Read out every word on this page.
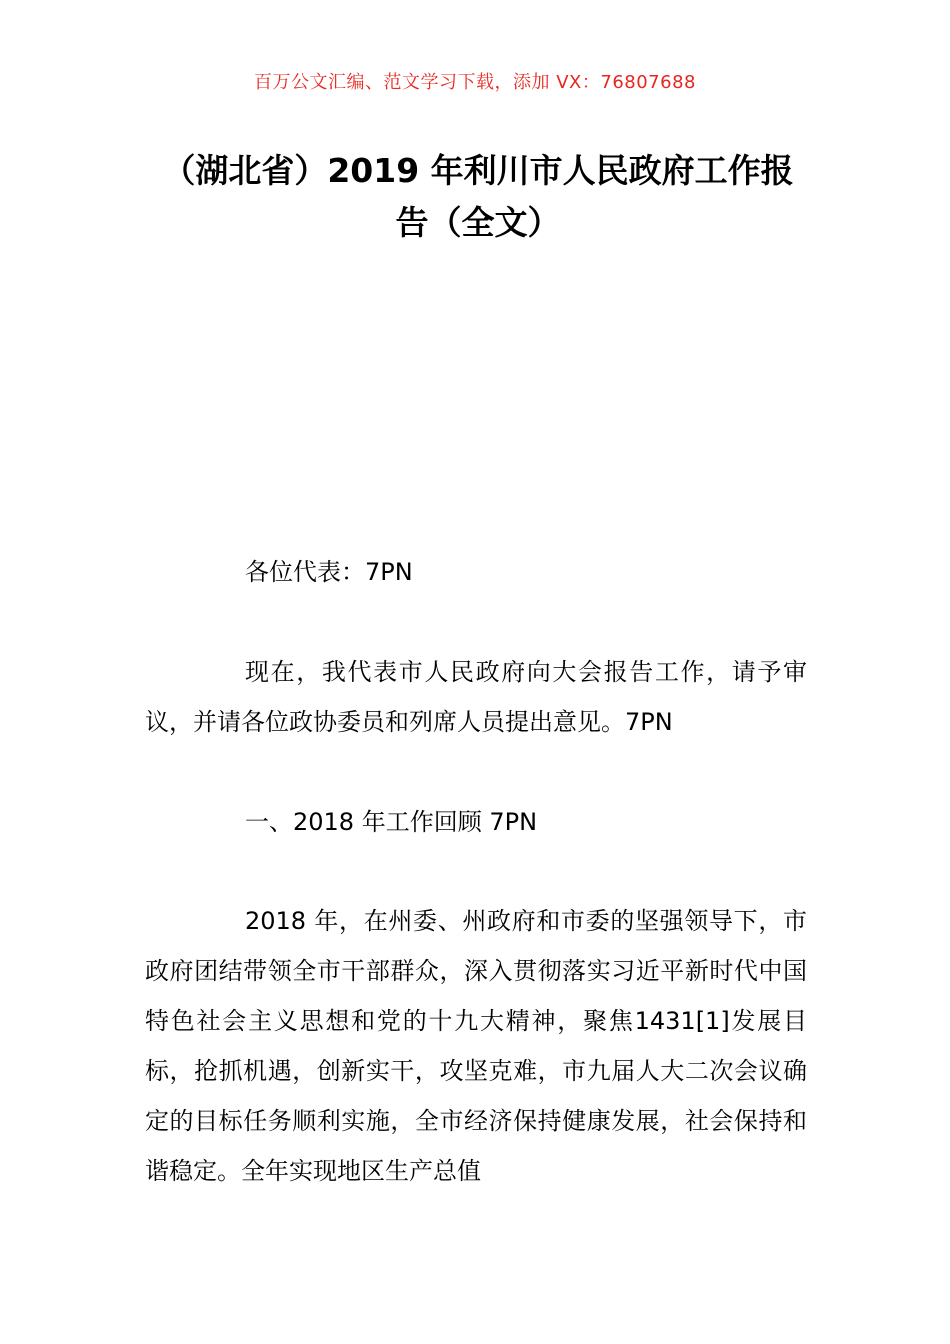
百万公文汇编、范文学习下载，添加 VX：76807688
（湖北省）2019 年利川市人民政府工作报
告（全文）

各位代表：7PN

现在，我代表市人民政府向大会报告工作，请予审议，并请各位政协委员和列席人员提出意见。7PN

一、2018 年工作回顾 7PN

2018 年，在州委、州政府和市委的坚强领导下，市政府团结带领全市干部群众，深入贯彻落实习近平新时代中国特色社会主义思想和党的十九大精神，聚焦1431[1]发展目标，抢抓机遇，创新实干，攻坚克难，市九届人大二次会议确定的目标任务顺利实施，全市经济保持健康发展，社会保持和谐稳定。全年实现地区生产总值
